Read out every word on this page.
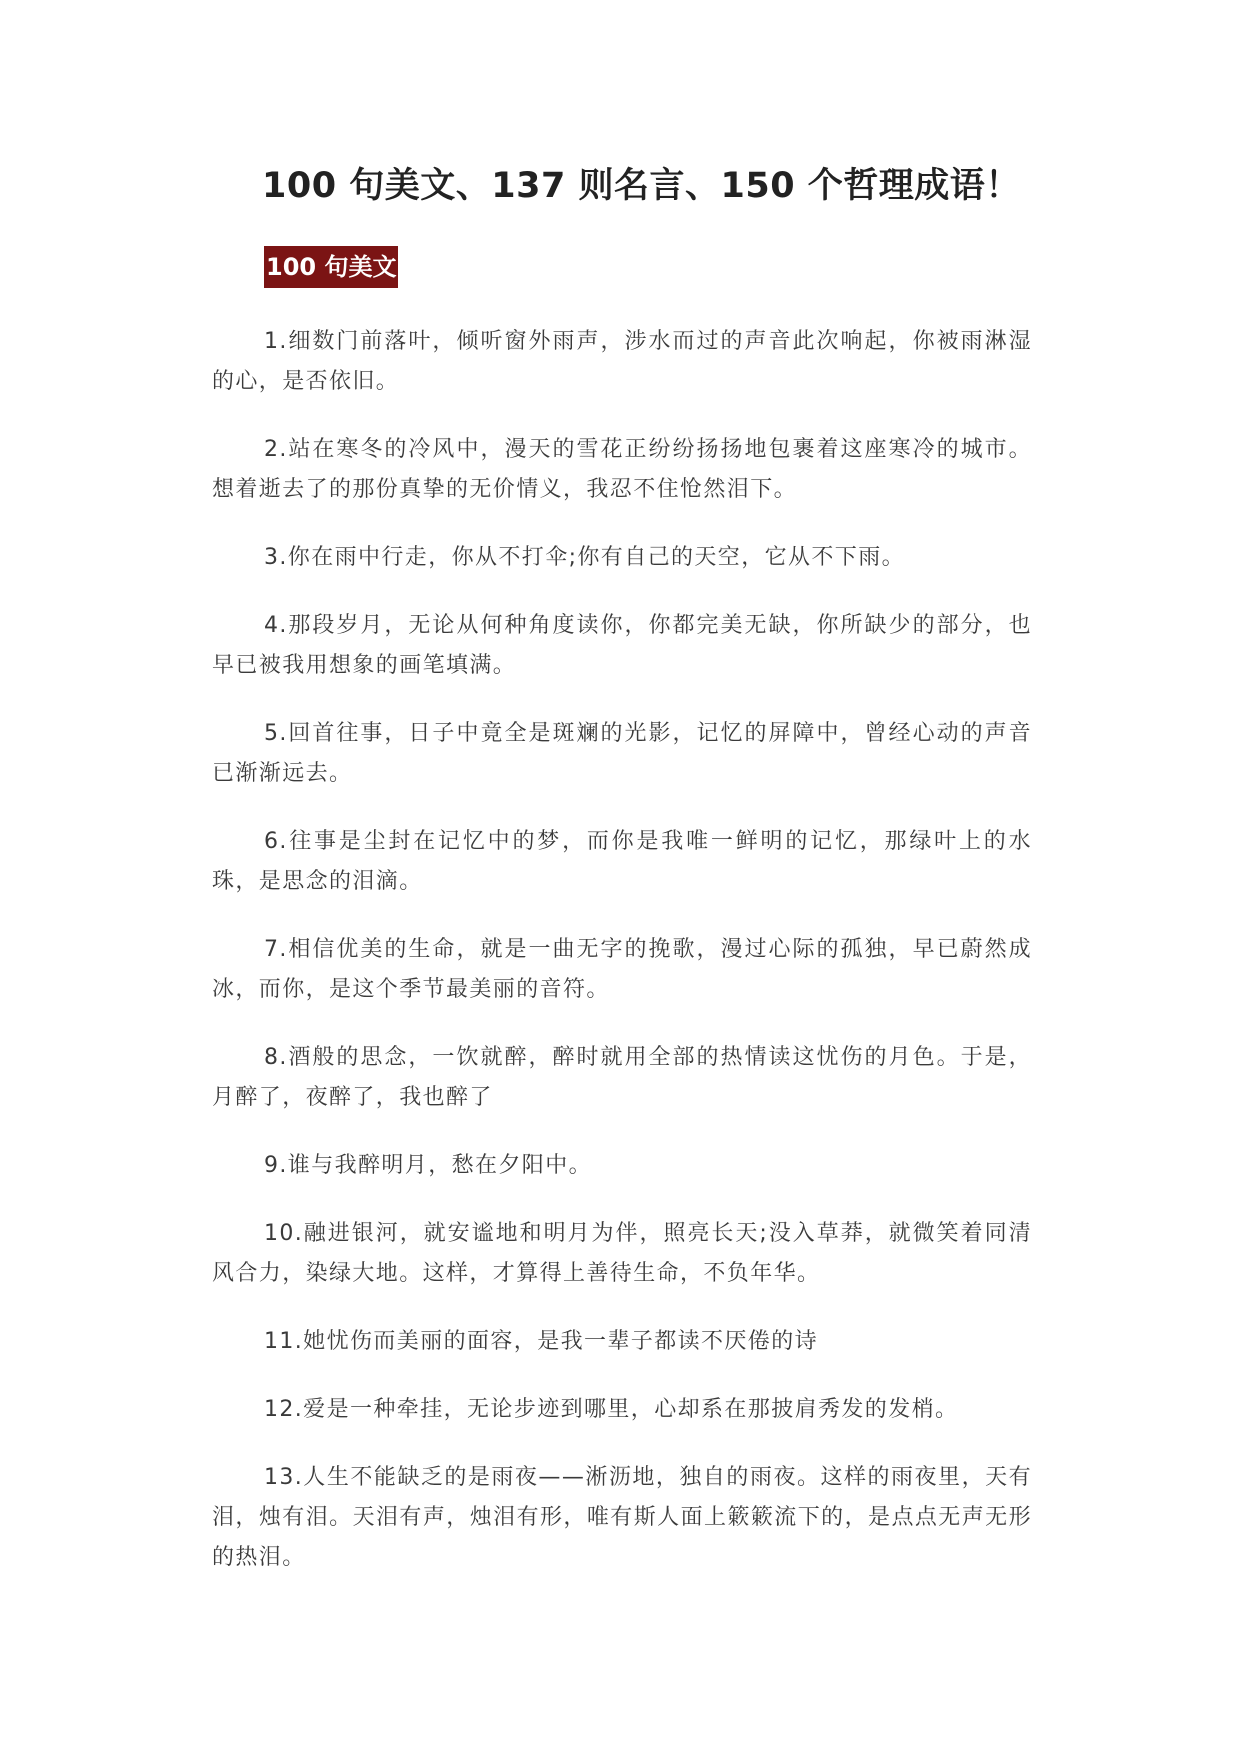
100 句美文、137 则名言、150 个哲理成语！
100 句美文
1.细数门前落叶，倾听窗外雨声，涉水而过的声音此次响起，你被雨淋湿的心，是否依旧。
2.站在寒冬的冷风中，漫天的雪花正纷纷扬扬地包裹着这座寒冷的城市。想着逝去了的那份真挚的无价情义，我忍不住怆然泪下。
3.你在雨中行走，你从不打伞;你有自己的天空，它从不下雨。
4.那段岁月，无论从何种角度读你，你都完美无缺，你所缺少的部分，也早已被我用想象的画笔填满。
5.回首往事，日子中竟全是斑斓的光影，记忆的屏障中，曾经心动的声音已渐渐远去。
6.往事是尘封在记忆中的梦，而你是我唯一鲜明的记忆，那绿叶上的水珠，是思念的泪滴。
7.相信优美的生命，就是一曲无字的挽歌，漫过心际的孤独，早已蔚然成冰，而你，是这个季节最美丽的音符。
8.酒般的思念，一饮就醉，醉时就用全部的热情读这忧伤的月色。于是，月醉了，夜醉了，我也醉了
9.谁与我醉明月，愁在夕阳中。
10.融进银河，就安谧地和明月为伴，照亮长天;没入草莽，就微笑着同清风合力，染绿大地。这样，才算得上善待生命，不负年华。
11.她忧伤而美丽的面容，是我一辈子都读不厌倦的诗
12.爱是一种牵挂，无论步迹到哪里，心却系在那披肩秀发的发梢。
13.人生不能缺乏的是雨夜——淅沥地，独自的雨夜。这样的雨夜里，天有泪，烛有泪。天泪有声，烛泪有形，唯有斯人面上簌簌流下的，是点点无声无形的热泪。
